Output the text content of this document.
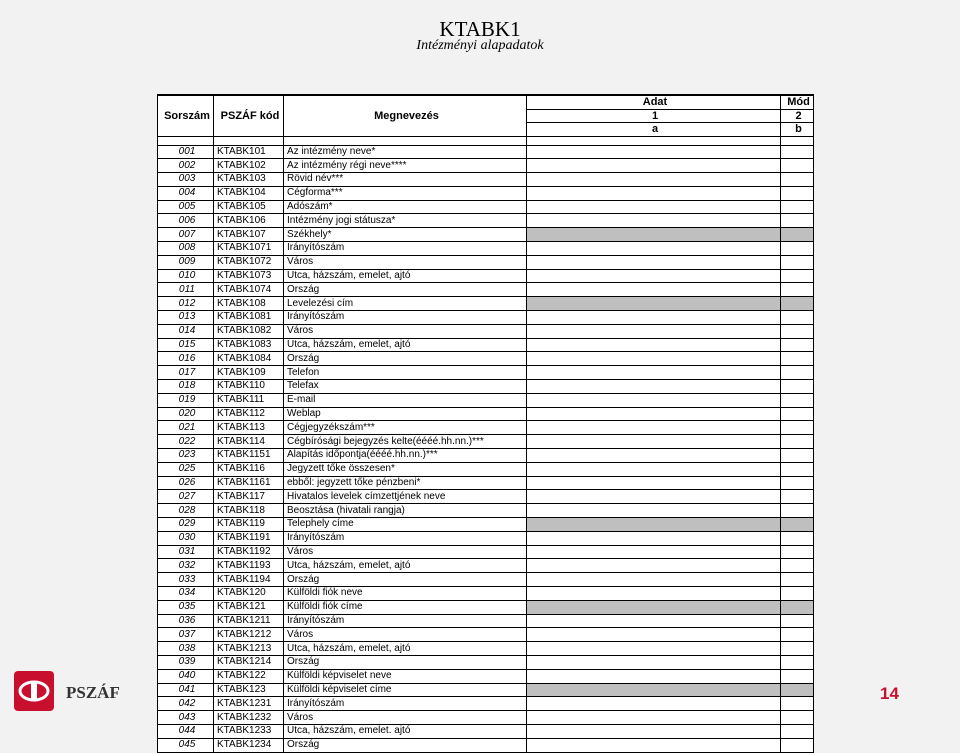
KTABK1
Intézményi alapadatok
Sorszám	PSZÁF kód	Megnevezés	Adat	Mód
			1	2
			a	b

001	KTABK101	Az intézmény neve*		
002	KTABK102	Az intézmény régi neve****		
003	KTABK103	Rövid név***		
004	KTABK104	Cégforma***		
005	KTABK105	Adószám*		
006	KTABK106	Intézmény jogi státusza*		
007	KTABK107	Székhely*		
008	KTABK1071	Irányítószám		
009	KTABK1072	Város		
010	KTABK1073	Utca, házszám, emelet, ajtó		
011	KTABK1074	Ország		
012	KTABK108	Levelezési cím		
013	KTABK1081	Irányítószám		
014	KTABK1082	Város		
015	KTABK1083	Utca, házszám, emelet, ajtó		
016	KTABK1084	Ország		
017	KTABK109	Telefon		
018	KTABK110	Telefax		
019	KTABK111	E-mail		
020	KTABK112	Weblap		
021	KTABK113	Cégjegyzékszám***		
022	KTABK114	Cégbírósági bejegyzés kelte(éééé.hh.nn.)***		
023	KTABK1151	Alapítás időpontja(éééé.hh.nn.)***		
025	KTABK116	Jegyzett tőke összesen*		
026	KTABK1161	ebből: jegyzett tőke pénzbeni*		
027	KTABK117	Hivatalos levelek címzettjének neve		
028	KTABK118	Beosztása (hivatali rangja)		
029	KTABK119	Telephely címe		
030	KTABK1191	Irányítószám		
031	KTABK1192	Város		
032	KTABK1193	Utca, házszám, emelet, ajtó		
033	KTABK1194	Ország		
034	KTABK120	Külföldi fiók neve		
035	KTABK121	Külföldi fiók címe		
036	KTABK1211	Irányítószám		
037	KTABK1212	Város		
038	KTABK1213	Utca, házszám, emelet, ajtó		
039	KTABK1214	Ország		
040	KTABK122	Külföldi képviselet neve		
041	KTABK123	Külföldi képviselet címe		
042	KTABK1231	Irányítószám		
043	KTABK1232	Város		
044	KTABK1233	Utca, házszám, emelet. ajtó		
045	KTABK1234	Ország		
PSZÁF	14
